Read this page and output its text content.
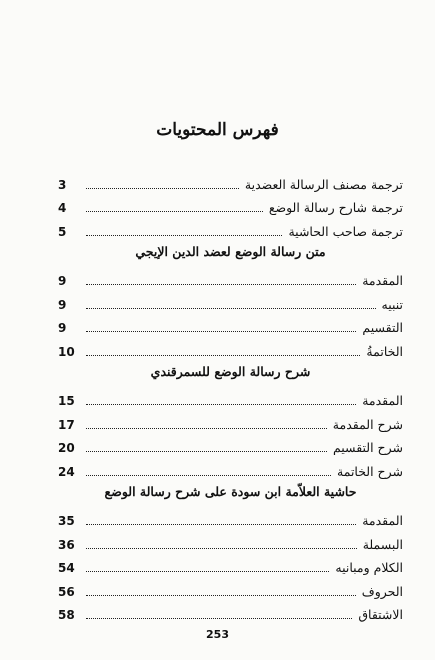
فهرس المحتويات
3	ترجمة مصنف الرسالة العضدية
4	ترجمة شارح رسالة الوضع
5	ترجمة صاحب الحاشية
متن رسالة الوضع لعضد الدين الإيجي
9	المقدمة
9	تنبيه
9	التقسيم
10	الخاتمةُ
شرح رسالة الوضع للسمرقندي
15	المقدمة
17	شرح المقدمة
20	شرح التقسيم
24	شرح الخاتمة
حاشية العلاّمة ابن سودة على شرح رسالة الوضع
35	المقدمة
36	البسملة
54	الكلام ومبانيه
56	الحروف
58	الاشتقاق
253
